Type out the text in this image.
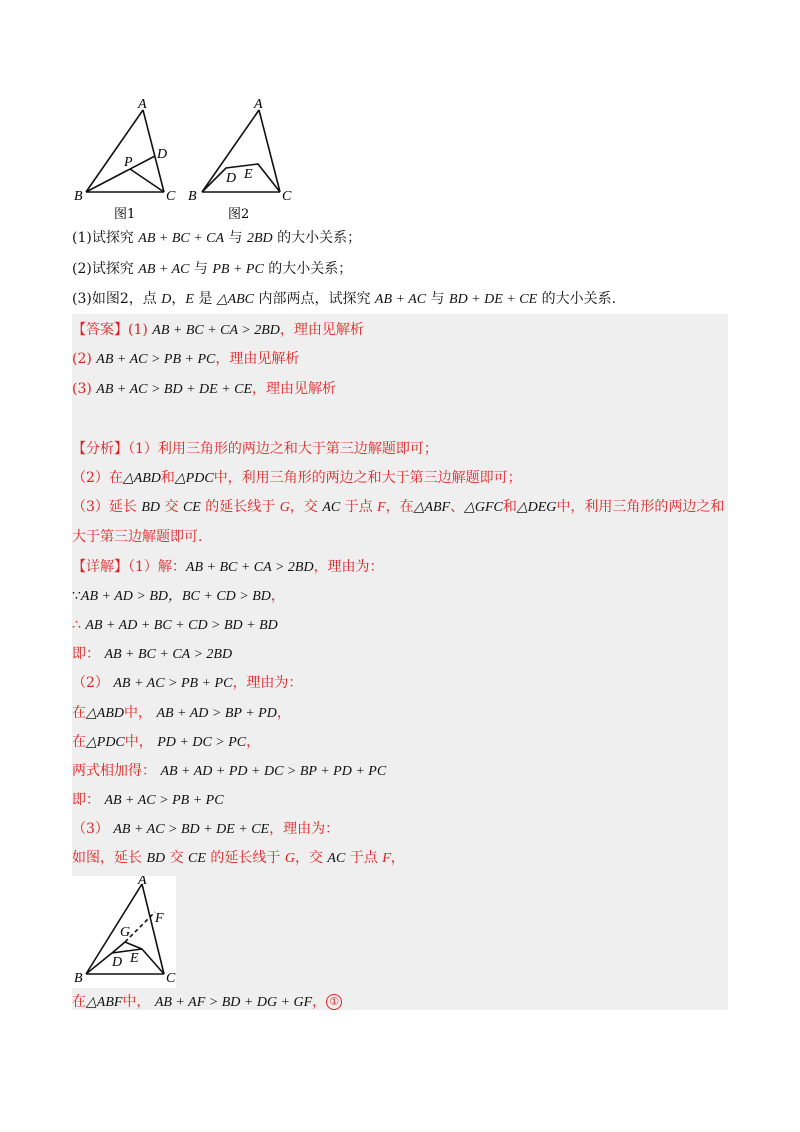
A
B	C
D
P
图1
A
B	C
D E
图2
(1)试探究 AB + BC + CA 与 2BD 的大小关系；
(2)试探究 AB + AC 与 PB + PC 的大小关系；
(3)如图2，点 D，E 是 △ABC 内部两点，试探究 AB + AC 与 BD + DE + CE 的大小关系.
【答案】(1) AB + BC + CA > 2BD，理由见解析
(2) AB + AC > PB + PC，理由见解析
(3) AB + AC > BD + DE + CE，理由见解析
【分析】（1）利用三角形的两边之和大于第三边解题即可；
（2）在△ABD和△PDC中，利用三角形的两边之和大于第三边解题即可；
（3）延长 BD 交 CE 的延长线于 G，交 AC 于点 F，在△ABF、△GFC和△DEG中，利用三角形的两边之和
大于第三边解题即可.
【详解】（1）解：AB + BC + CA > 2BD，理由为：
∵AB + AD > BD，BC + CD > BD，
∴ AB + AD + BC + CD > BD + BD
即： AB + BC + CA > 2BD
（2） AB + AC > PB + PC，理由为：
在△ABD中， AB + AD > BP + PD，
在△PDC中， PD + DC > PC，
两式相加得： AB + AD + PD + DC > BP + PD + PC
即： AB + AC > PB + PC
（3） AB + AC > BD + DE + CE，理由为：
如图，延长 BD 交 CE 的延长线于 G，交 AC 于点 F，
A
B	C
D E
F
G
在△ABF中， AB + AF > BD + DG + GF， ①
